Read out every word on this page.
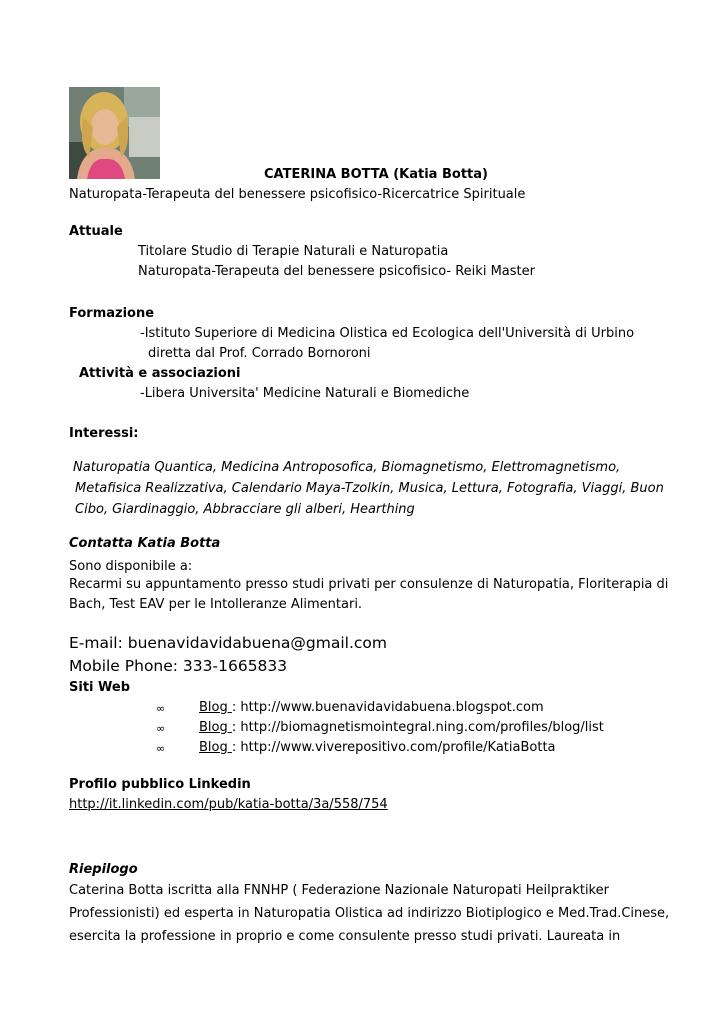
CATERINA BOTTA (Katia Botta)
Naturopata-Terapeuta del benessere psicofisico-Ricercatrice Spirituale
Attuale
Titolare Studio di Terapie Naturali e Naturopatia
Naturopata-Terapeuta del benessere psicofisico- Reiki Master
Formazione
-Istituto Superiore di Medicina Olistica ed Ecologica dell'Università di Urbino
diretta dal Prof. Corrado Bornoroni
Attività e associazioni
-Libera Universita' Medicine Naturali e Biomediche
Interessi:
Naturopatia Quantica, Medicina Antroposofica, Biomagnetismo, Elettromagnetismo,
Metafisica Realizzativa, Calendario Maya-Tzolkin, Musica, Lettura, Fotografia, Viaggi, Buon
Cibo, Giardinaggio, Abbracciare gli alberi, Hearthing
Contatta Katia Botta
Sono disponibile a:
Recarmi su appuntamento presso studi privati per consulenze di Naturopatia, Floriterapia di
Bach, Test EAV per le Intolleranze Alimentari.
E-mail: buenavidavidabuena@gmail.com
Mobile Phone: 333-1665833
Siti Web
∞	Blog : http://www.buenavidavidabuena.blogspot.com
∞	Blog : http://biomagnetismointegral.ning.com/profiles/blog/list
∞	Blog : http://www.viverepositivo.com/profile/KatiaBotta
Profilo pubblico Linkedin
http://it.linkedin.com/pub/katia-botta/3a/558/754
Riepilogo
Caterina Botta iscritta alla FNNHP ( Federazione Nazionale Naturopati Heilpraktiker
Professionisti) ed esperta in Naturopatia Olistica ad indirizzo Biotiplogico e Med.Trad.Cinese,
esercita la professione in proprio e come consulente presso studi privati. Laureata in
